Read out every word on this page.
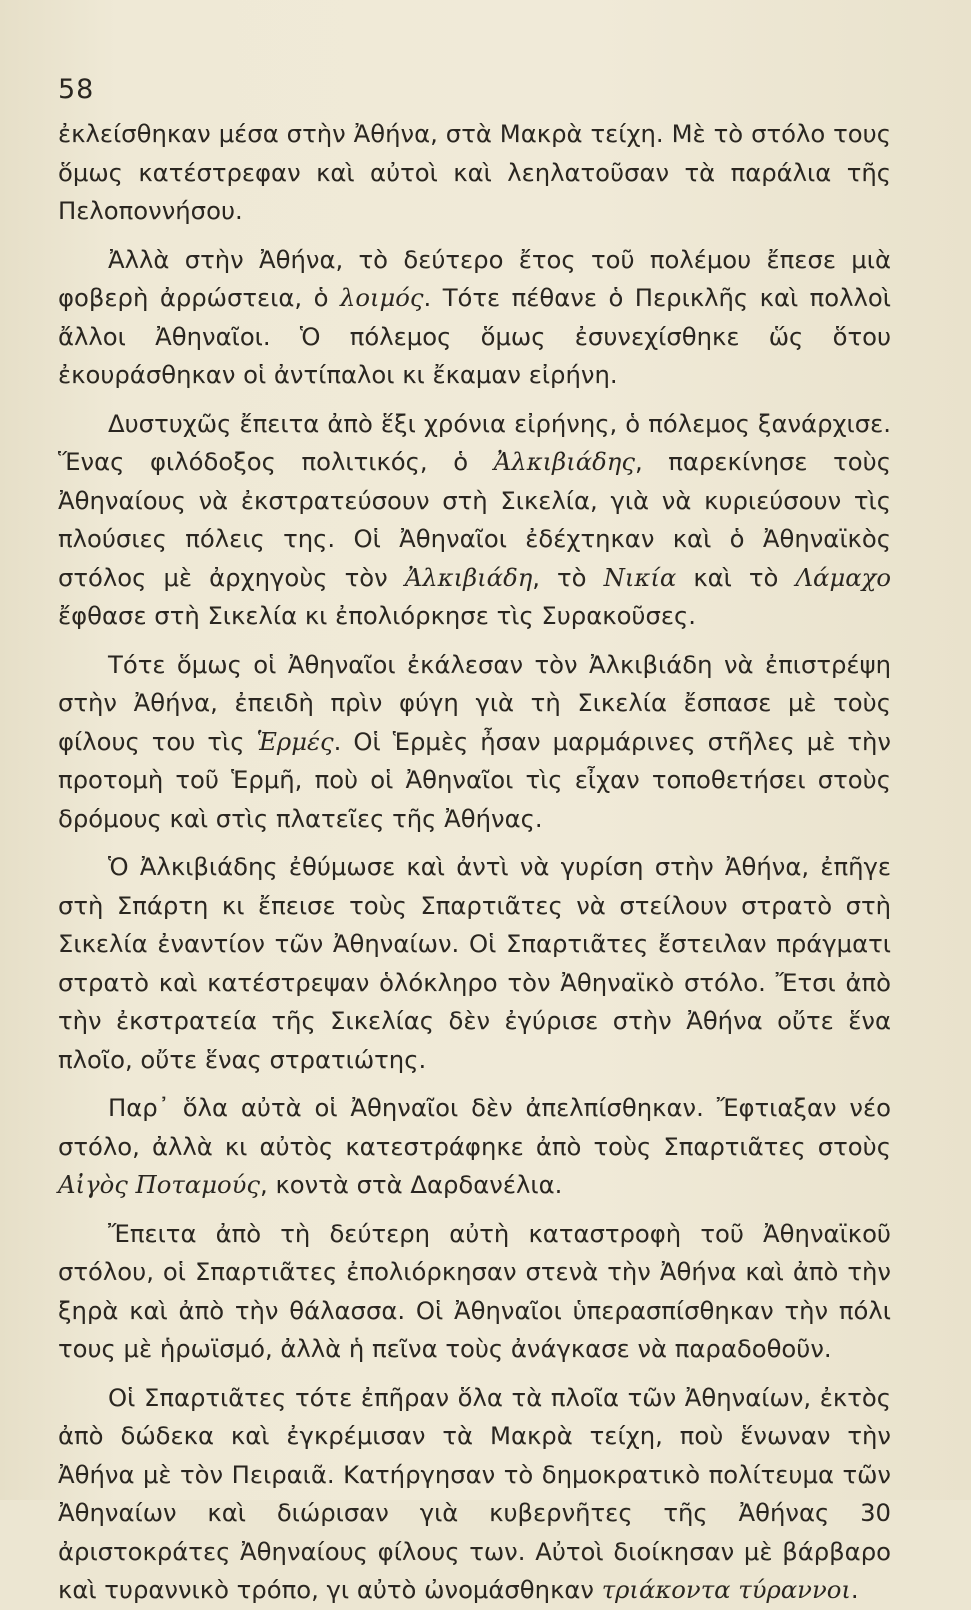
58

ἐκλείσθηκαν μέσα στὴν Ἀθήνα, στὰ Μακρὰ τείχη. Μὲ τὸ στόλο τους ὅμως κατέστρεφαν καὶ αὐτοὶ καὶ λεηλατοῦσαν τὰ παράλια τῆς Πελοποννήσου.

Ἀλλὰ στὴν Ἀθήνα, τὸ δεύτερο ἔτος τοῦ πολέμου ἔπεσε μιὰ φοβερὴ ἀρρώστεια, ὁ λοιμός. Τότε πέθανε ὁ Περικλῆς καὶ πολλοὶ ἄλλοι Ἀθηναῖοι. Ὁ πόλεμος ὅμως ἐσυνεχίσθηκε ὥς ὅτου ἐκουράσθηκαν οἱ ἀντίπαλοι κι ἔκαμαν εἰρήνη.

Δυστυχῶς ἔπειτα ἀπὸ ἕξι χρόνια εἰρήνης, ὁ πόλεμος ξανάρχισε. Ἕνας φιλόδοξος πολιτικός, ὁ Ἀλκιβιάδης, παρεκίνησε τοὺς Ἀθηναίους νὰ ἐκστρατεύσουν στὴ Σικελία, γιὰ νὰ κυριεύσουν τὶς πλούσιες πόλεις της. Οἱ Ἀθηναῖοι ἐδέχτηκαν καὶ ὁ Ἀθηναϊκὸς στόλος μὲ ἀρχηγοὺς τὸν Ἀλκιβιάδη, τὸ Νικία καὶ τὸ Λάμαχο ἔφθασε στὴ Σικελία κι ἐπολιόρκησε τὶς Συρακοῦσες.

Τότε ὅμως οἱ Ἀθηναῖοι ἐκάλεσαν τὸν Ἀλκιβιάδη νὰ ἐπιστρέψη στὴν Ἀθήνα, ἐπειδὴ πρὶν φύγη γιὰ τὴ Σικελία ἔσπασε μὲ τοὺς φίλους του τὶς Ἑρμές. Οἱ Ἑρμὲς ἦσαν μαρμάρινες στῆλες μὲ τὴν προτομὴ τοῦ Ἑρμῆ, ποὺ οἱ Ἀθηναῖοι τὶς εἶχαν τοποθετήσει στοὺς δρόμους καὶ στὶς πλατεῖες τῆς Ἀθήνας.

Ὁ Ἀλκιβιάδης ἐθύμωσε καὶ ἀντὶ νὰ γυρίση στὴν Ἀθήνα, ἐπῆγε στὴ Σπάρτη κι ἔπεισε τοὺς Σπαρτιᾶτες νὰ στείλουν στρατὸ στὴ Σικελία ἐναντίον τῶν Ἀθηναίων. Οἱ Σπαρτιᾶτες ἔστειλαν πράγματι στρατὸ καὶ κατέστρεψαν ὁλόκληρο τὸν Ἀθηναϊκὸ στόλο. Ἔτσι ἀπὸ τὴν ἐκστρατεία τῆς Σικελίας δὲν ἐγύρισε στὴν Ἀθήνα οὔτε ἕνα πλοῖο, οὔτε ἕνας στρατιώτης.

Παρ᾿ ὅλα αὐτὰ οἱ Ἀθηναῖοι δὲν ἀπελπίσθηκαν. Ἔφτιαξαν νέο στόλο, ἀλλὰ κι αὐτὸς κατεστράφηκε ἀπὸ τοὺς Σπαρτιᾶτες στοὺς Αἰγὸς Ποταμούς, κοντὰ στὰ Δαρδανέλια.

Ἔπειτα ἀπὸ τὴ δεύτερη αὐτὴ καταστροφὴ τοῦ Ἀθηναϊκοῦ στόλου, οἱ Σπαρτιᾶτες ἐπολιόρκησαν στενὰ τὴν Ἀθήνα καὶ ἀπὸ τὴν ξηρὰ καὶ ἀπὸ τὴν θάλασσα. Οἱ Ἀθηναῖοι ὑπερασπίσθηκαν τὴν πόλι τους μὲ ἡρωϊσμό, ἀλλὰ ἡ πεῖνα τοὺς ἀνάγκασε νὰ παραδοθοῦν.

Οἱ Σπαρτιᾶτες τότε ἐπῆραν ὅλα τὰ πλοῖα τῶν Ἀθηναίων, ἐκτὸς ἀπὸ δώδεκα καὶ ἐγκρέμισαν τὰ Μακρὰ τείχη, ποὺ ἕνωναν τὴν Ἀθήνα μὲ τὸν Πειραιᾶ. Κατήργησαν τὸ δημοκρατικὸ πολίτευμα τῶν Ἀθηναίων καὶ διώρισαν γιὰ κυβερνῆτες τῆς Ἀθήνας 30 ἀριστοκράτες Ἀθηναίους φίλους των. Αὐτοὶ διοίκησαν μὲ βάρβαρο καὶ τυραννικὸ τρόπο, γι αὐτὸ ὠνομάσθηκαν τριάκοντα τύραννοι.
